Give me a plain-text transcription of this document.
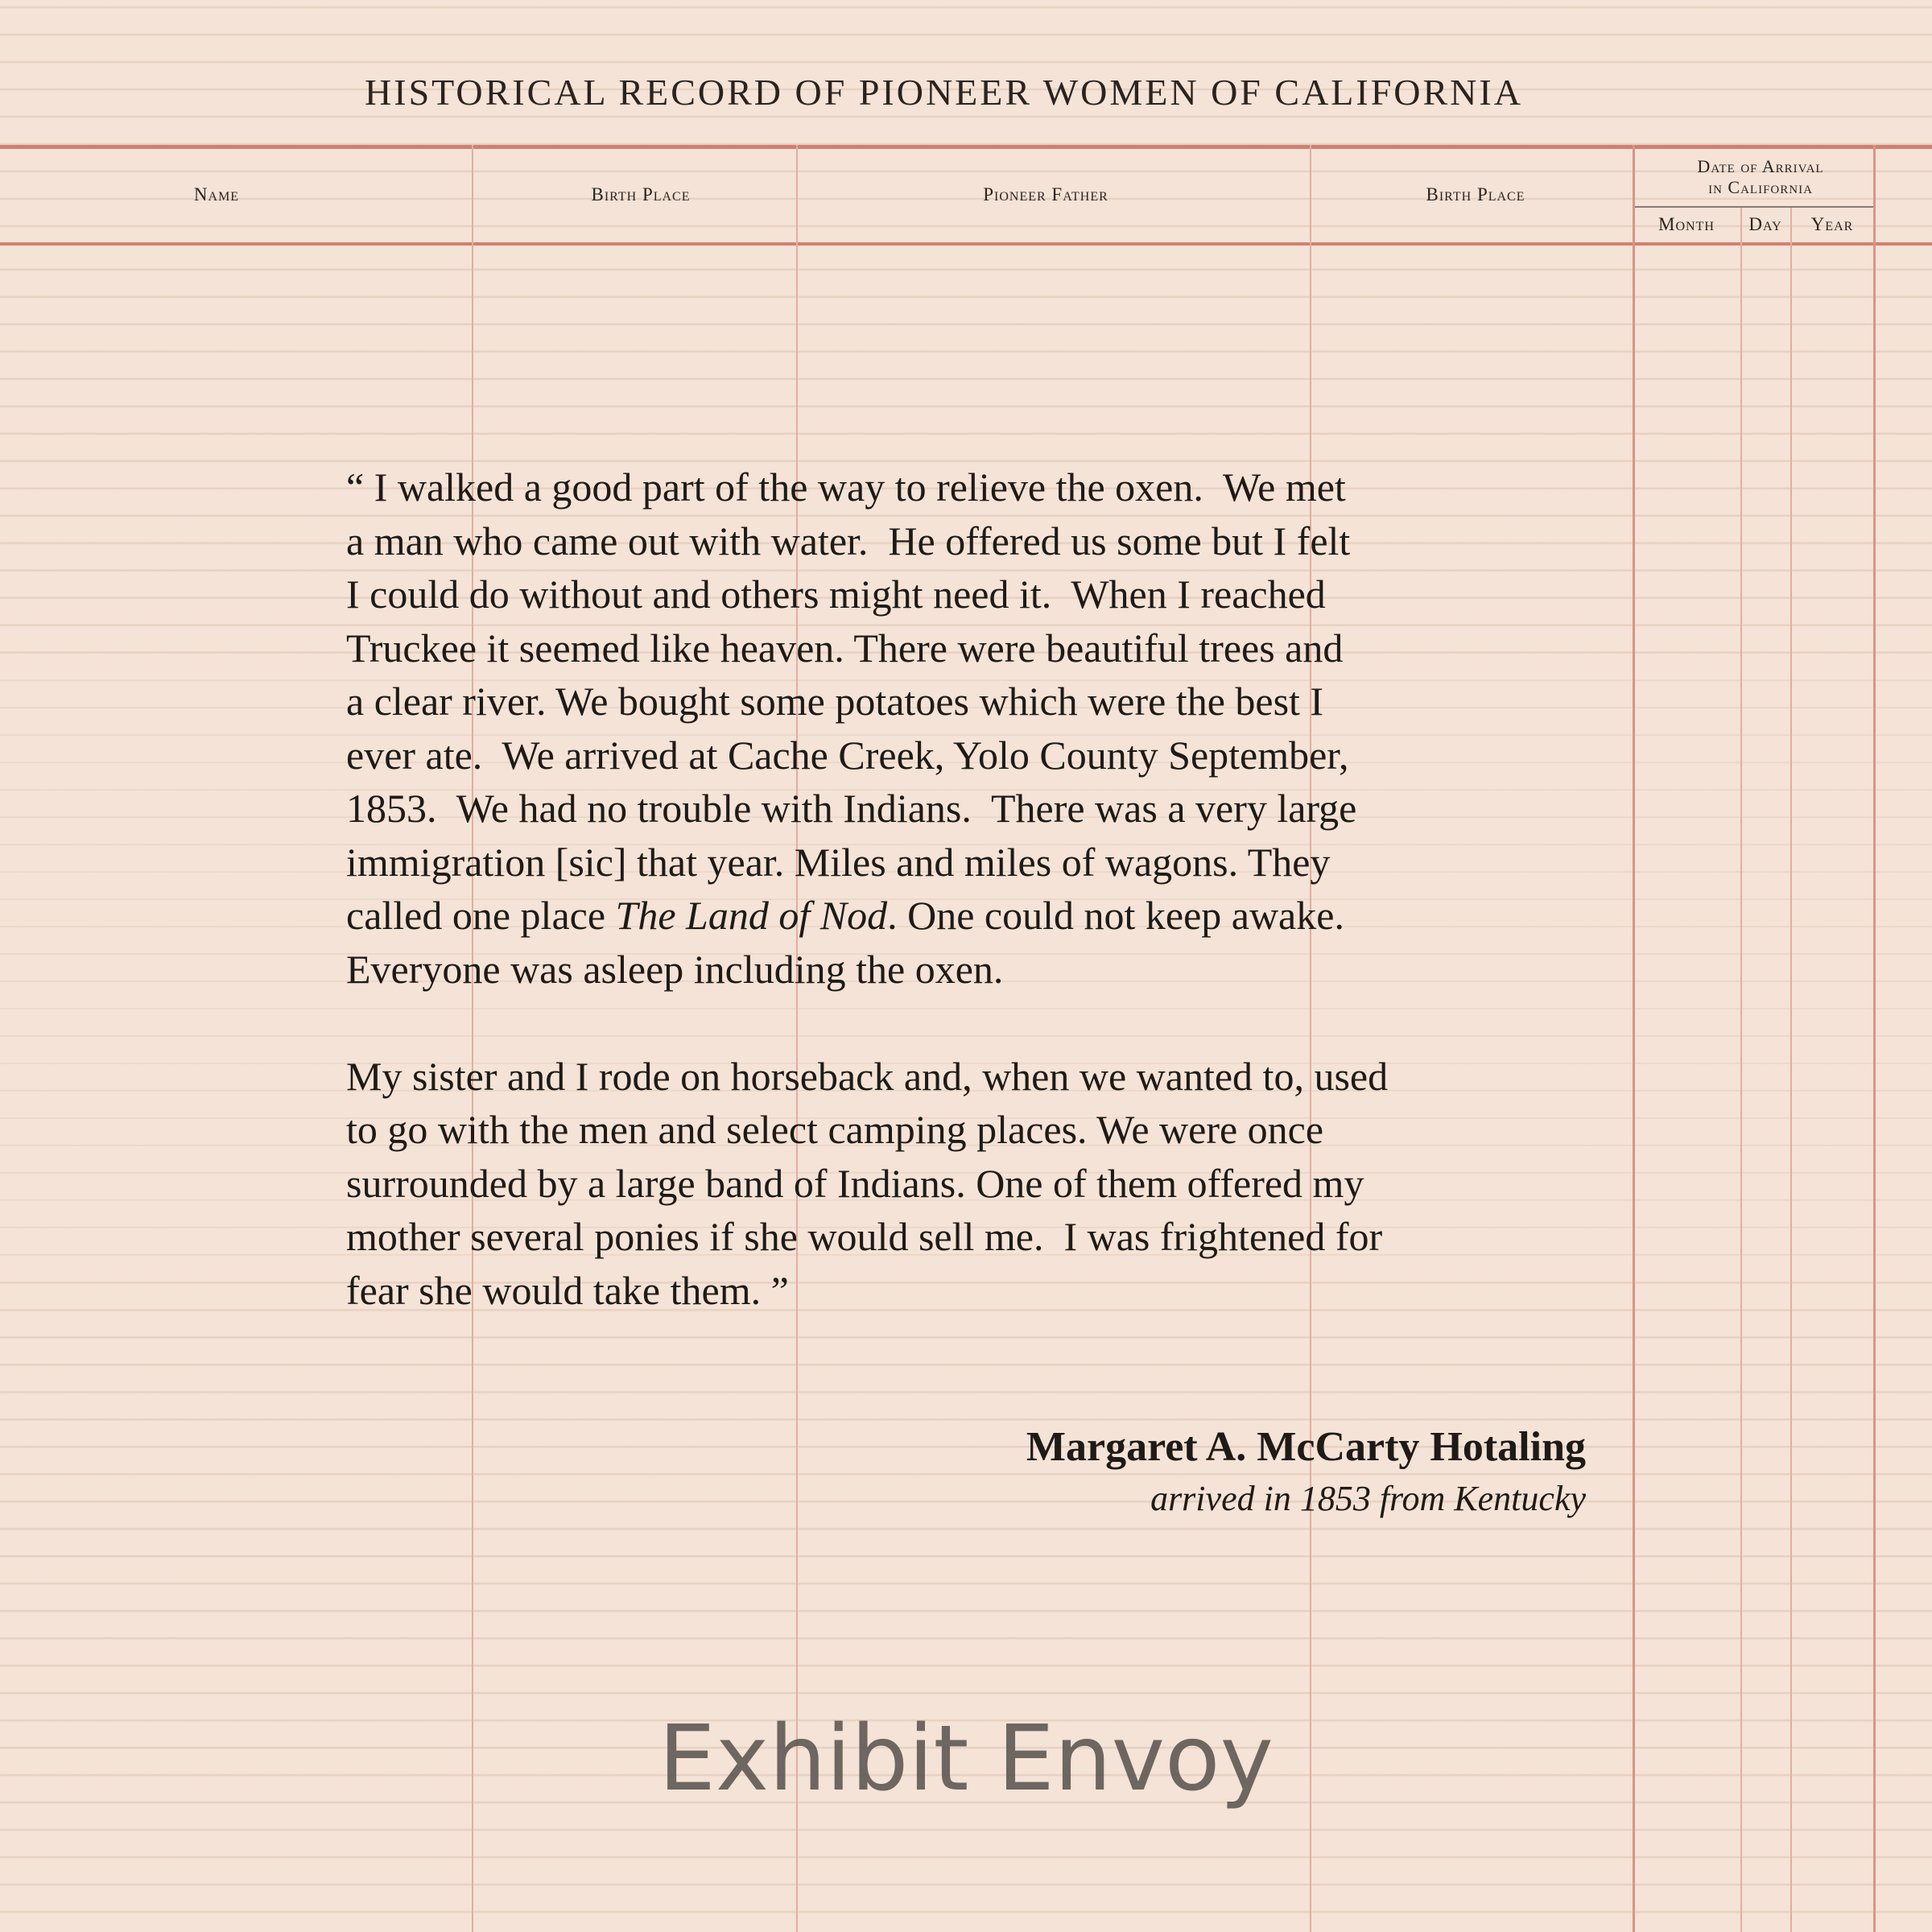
HISTORICAL RECORD OF PIONEER WOMEN OF CALIFORNIA
Name	Birth Place	Pioneer Father	Birth Place
Date of Arrival
in California
Month Day Year

“ I walked a good part of the way to relieve the oxen.  We met

a man who came out with water.  He offered us some but I felt

I could do without and others might need it.  When I reached

Truckee it seemed like heaven. There were beautiful trees and

a clear river. We bought some potatoes which were the best I

ever ate.  We arrived at Cache Creek, Yolo County September,

1853.  We had no trouble with Indians.  There was a very large

immigration [sic] that year. Miles and miles of wagons. They

called one place The Land of Nod. One could not keep awake.

Everyone was asleep including the oxen.

My sister and I rode on horseback and, when we wanted to, used

to go with the men and select camping places. We were once

surrounded by a large band of Indians. One of them offered my

mother several ponies if she would sell me.  I was frightened for

fear she would take them. ”

Margaret A. McCarty Hotaling
arrived in 1853 from Kentucky
Exhibit Envoy
